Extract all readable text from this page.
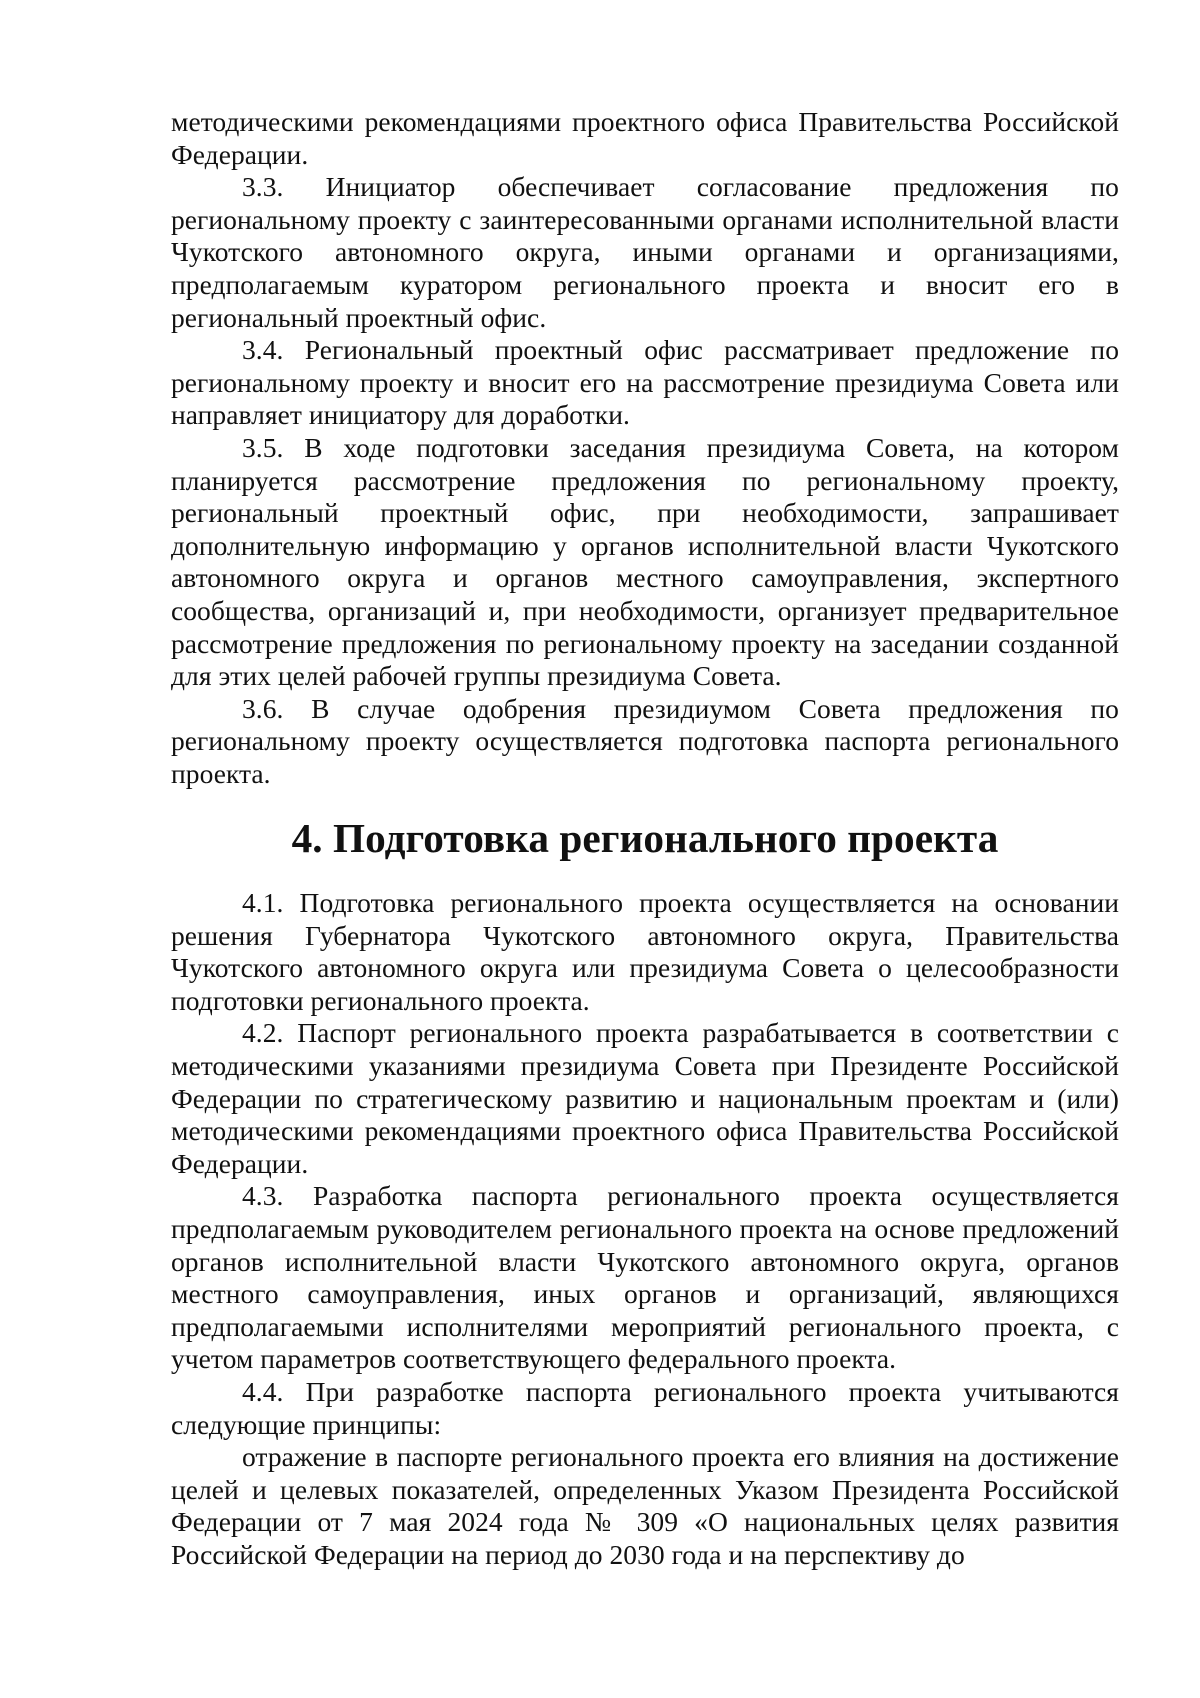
методическими рекомендациями проектного офиса Правительства Российской Федерации.

3.3. Инициатор обеспечивает согласование предложения по региональному проекту с заинтересованными органами исполнительной власти Чукотского автономного округа, иными органами и организациями, предполагаемым куратором регионального проекта и вносит его в региональный проектный офис.

3.4. Региональный проектный офис рассматривает предложение по региональному проекту и вносит его на рассмотрение президиума Совета или направляет инициатору для доработки.

3.5. В ходе подготовки заседания президиума Совета, на котором планируется рассмотрение предложения по региональному проекту, региональный проектный офис, при необходимости, запрашивает дополнительную информацию у органов исполнительной власти Чукотского автономного округа и органов местного самоуправления, экспертного сообщества, организаций и, при необходимости, организует предварительное рассмотрение предложения по региональному проекту на заседании созданной для этих целей рабочей группы президиума Совета.

3.6. В случае одобрения президиумом Совета предложения по региональному проекту осуществляется подготовка паспорта регионального проекта.

4. Подготовка регионального проекта

4.1. Подготовка регионального проекта осуществляется на основании решения Губернатора Чукотского автономного округа, Правительства Чукотского автономного округа или президиума Совета о целесообразности подготовки регионального проекта.

4.2. Паспорт регионального проекта разрабатывается в соответствии с методическими указаниями президиума Совета при Президенте Российской Федерации по стратегическому развитию и национальным проектам и (или) методическими рекомендациями проектного офиса Правительства Российской Федерации.

4.3. Разработка паспорта регионального проекта осуществляется предполагаемым руководителем регионального проекта на основе предложений органов исполнительной власти Чукотского автономного округа, органов местного самоуправления, иных органов и организаций, являющихся предполагаемыми исполнителями мероприятий регионального проекта, с учетом параметров соответствующего федерального проекта.

4.4. При разработке паспорта регионального проекта учитываются следующие принципы:

отражение в паспорте регионального проекта его влияния на достижение целей и целевых показателей, определенных Указом Президента Российской Федерации от 7 мая 2024 года № 309 «О национальных целях развития Российской Федерации на период до 2030 года и на перспективу до
